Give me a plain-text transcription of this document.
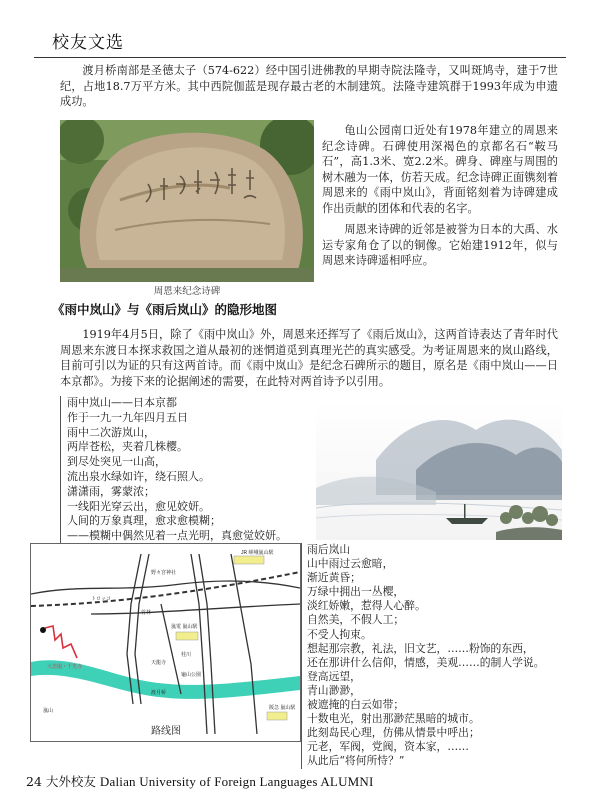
校友文选

渡月桥南部是圣德太子（574-622）经中国引进佛教的早期寺院法隆寺，又叫斑鸠寺，建于7世纪，占地18.7万平方米。其中西院伽蓝是现存最古老的木制建筑。法隆寺建筑群于1993年成为申遗成功。

周恩来纪念诗碑

龟山公园南口近处有1978年建立的周恩来纪念诗碑。石碑使用深褐色的京都名石“鞍马石”，高1.3米、宽2.2米。碑身、碑座与周围的树木融为一体，仿若天成。纪念诗碑正面镌刻着周恩来的《雨中岚山》，背面铭刻着为诗碑建成作出贡献的团体和代表的名字。

周恩来诗碑的近邻是被誉为日本的大禹、水运专家角仓了以的铜像。它始建1912年，似与周恩来诗碑遥相呼应。

《雨中岚山》与《雨后岚山》的隐形地图

1919年4月5日，除了《雨中岚山》外，周恩来还挥写了《雨后岚山》，这两首诗表达了青年时代周恩来东渡日本探求救国之道从最初的迷惘道觅到真理光芒的真实感受。为考证周恩来的岚山路线，目前可引以为证的只有这两首诗。而《雨中岚山》是纪念石碑所示的题目，原名是《雨中岚山——日本京都》。为接下来的论据阐述的需要，在此特对两首诗予以引用。

雨中岚山——日本京都
作于一九一九年四月五日
雨中二次游岚山，
两岸苍松，夹着几株樱。
到尽处突见一山高，
流出泉水绿如许，绕石照人。
潇潇雨，雾蒙浓；
一线阳光穿云出，愈见姣妍。
人间的万象真理，愈求愈模糊；
——模糊中偶然见着一点光明，真愈觉姣妍。
JR 嵯峨嵐山駅
嵐電 嵐山駅
阪急 嵐山駅
大悲閣・千光寺
桂川
渡月桥
嵐山
天龍寺
龜山公園
トロッコ
野々宮神社
竹林
路线图
雨后岚山
山中雨过云愈暗，
渐近黄昏；
万绿中拥出一丛樱，
淡红娇嫩，惹得人心醉。
自然美，不假人工；
不受人拘束。
想起那宗教，礼法，旧文艺，……粉饰的东西，
还在那讲什么信仰，情感，美观……的制人学说。
登高远望，
青山渺渺，
被遮掩的白云如带；
十数电光，射出那渺茫黑暗的城市。
此刻岛民心理，仿佛从情景中呼出；
元老，军阀，党阀，资本家，……
从此后“将何所恃？”
24 大外校友 Dalian University of Foreign Languages ALUMNI
